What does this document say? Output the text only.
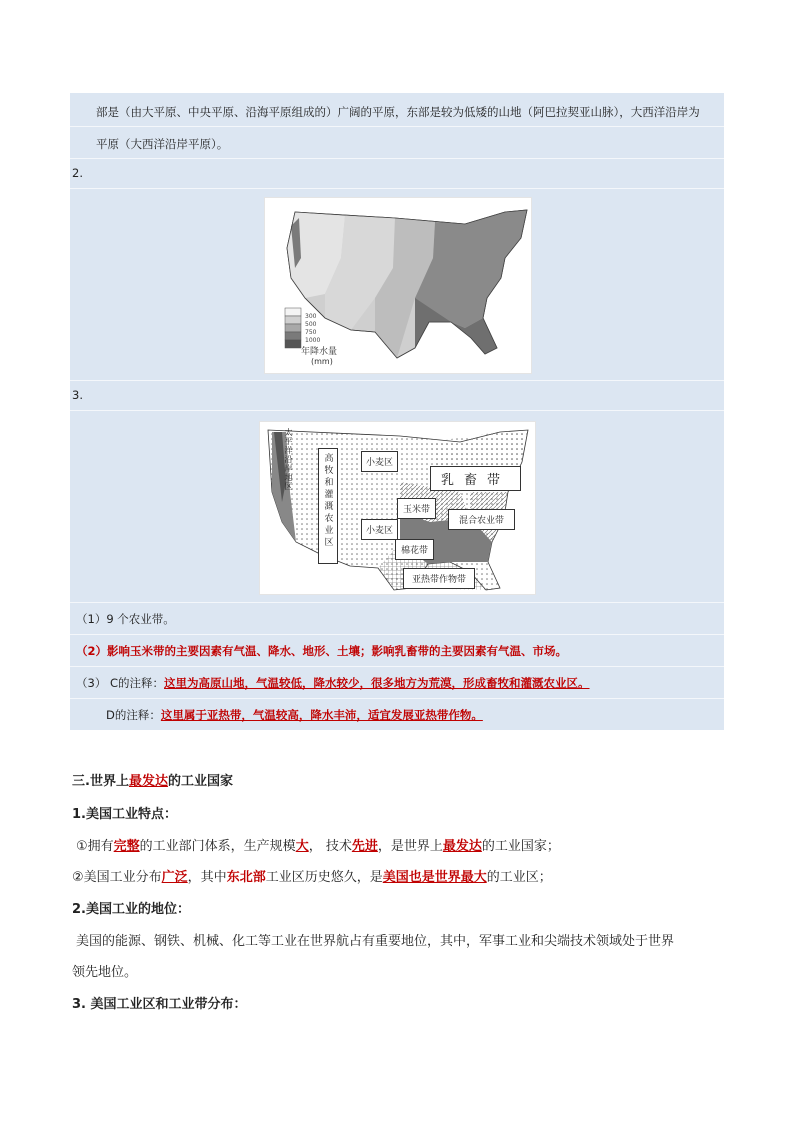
部是（由大平原、中央平原、沿海平原组成的）广阔的平原，东部是较为低矮的山地（阿巴拉契亚山脉），大西洋沿岸为
平原（大西洋沿岸平原）。
2.
300
500
750
1000
年降水量
(mm)
3.
太平洋沿岸地区	高牧和灌溉农业区	小麦区
乳畜带
玉米带
小麦区
混合农业带
棉花带
亚热带作物带
（1）9 个农业带。
（2）影响玉米带的主要因素有气温、降水、地形、土壤；影响乳畜带的主要因素有气温、市场。
（3） C的注释：这里为高原山地，气温较低，降水较少，很多地方为荒漠，形成畜牧和灌溉农业区。
D的注释：这里属于亚热带，气温较高，降水丰沛，适宜发展亚热带作物。
三.世界上最发达的工业国家
1.美国工业特点：
①拥有完整的工业部门体系，生产规模大， 技术先进，是世界上最发达的工业国家；
②美国工业分布广泛，其中东北部工业区历史悠久，是美国也是世界最大的工业区；
2.美国工业的地位：
美国的能源、钢铁、机械、化工等工业在世界航占有重要地位，其中，军事工业和尖端技术领域处于世界
领先地位。
3. 美国工业区和工业带分布：
